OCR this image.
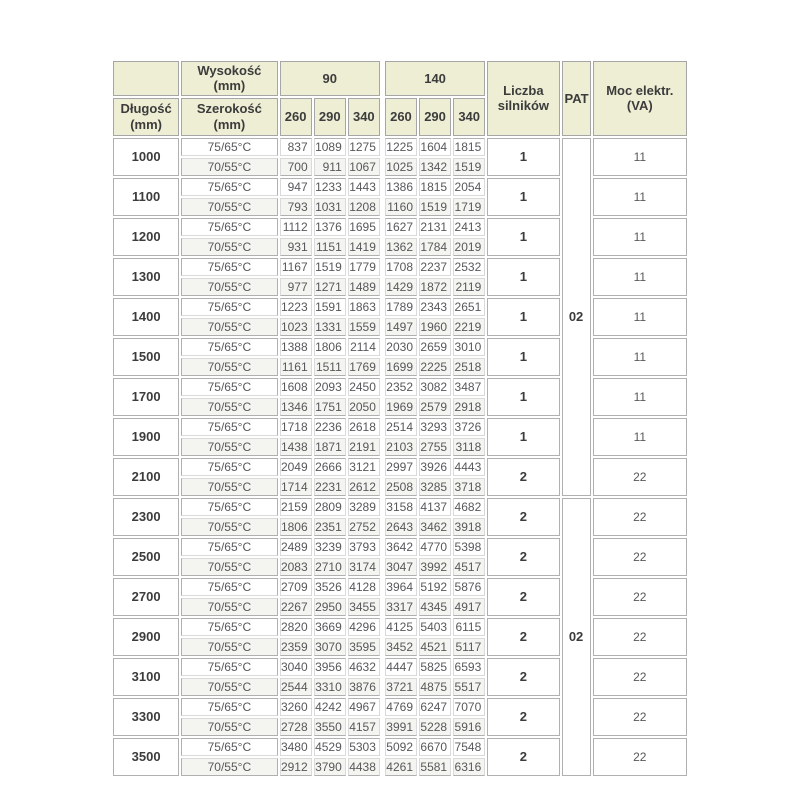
	Wysokość (mm)	90				140			Liczba silników	PAT	Moc elektr. (VA)
Długość (mm)	Szerokość (mm)	260	290	340		260	290	340			
1000	75/65°C	837	1089	1275		1225	1604	1815	1	02	11
	70/55°C	700	911	1067		1025	1342	1519			
1100	75/65°C	947	1233	1443		1386	1815	2054	1		11
	70/55°C	793	1031	1208		1160	1519	1719			
1200	75/65°C	1112	1376	1695		1627	2131	2413	1		11
	70/55°C	931	1151	1419		1362	1784	2019			
1300	75/65°C	1167	1519	1779		1708	2237	2532	1		11
	70/55°C	977	1271	1489		1429	1872	2119			
1400	75/65°C	1223	1591	1863		1789	2343	2651	1		11
	70/55°C	1023	1331	1559		1497	1960	2219			
1500	75/65°C	1388	1806	2114		2030	2659	3010	1		11
	70/55°C	1161	1511	1769		1699	2225	2518			
1700	75/65°C	1608	2093	2450		2352	3082	3487	1		11
	70/55°C	1346	1751	2050		1969	2579	2918			
1900	75/65°C	1718	2236	2618		2514	3293	3726	1		11
	70/55°C	1438	1871	2191		2103	2755	3118			
2100	75/65°C	2049	2666	3121		2997	3926	4443	2		22
	70/55°C	1714	2231	2612		2508	3285	3718			
2300	75/65°C	2159	2809	3289		3158	4137	4682	2	02	22
	70/55°C	1806	2351	2752		2643	3462	3918			
2500	75/65°C	2489	3239	3793		3642	4770	5398	2		22
	70/55°C	2083	2710	3174		3047	3992	4517			
2700	75/65°C	2709	3526	4128		3964	5192	5876	2		22
	70/55°C	2267	2950	3455		3317	4345	4917			
2900	75/65°C	2820	3669	4296		4125	5403	6115	2		22
	70/55°C	2359	3070	3595		3452	4521	5117			
3100	75/65°C	3040	3956	4632		4447	5825	6593	2		22
	70/55°C	2544	3310	3876		3721	4875	5517			
3300	75/65°C	3260	4242	4967		4769	6247	7070	2		22
	70/55°C	2728	3550	4157		3991	5228	5916			
3500	75/65°C	3480	4529	5303		5092	6670	7548	2		22
	70/55°C	2912	3790	4438		4261	5581	6316			
